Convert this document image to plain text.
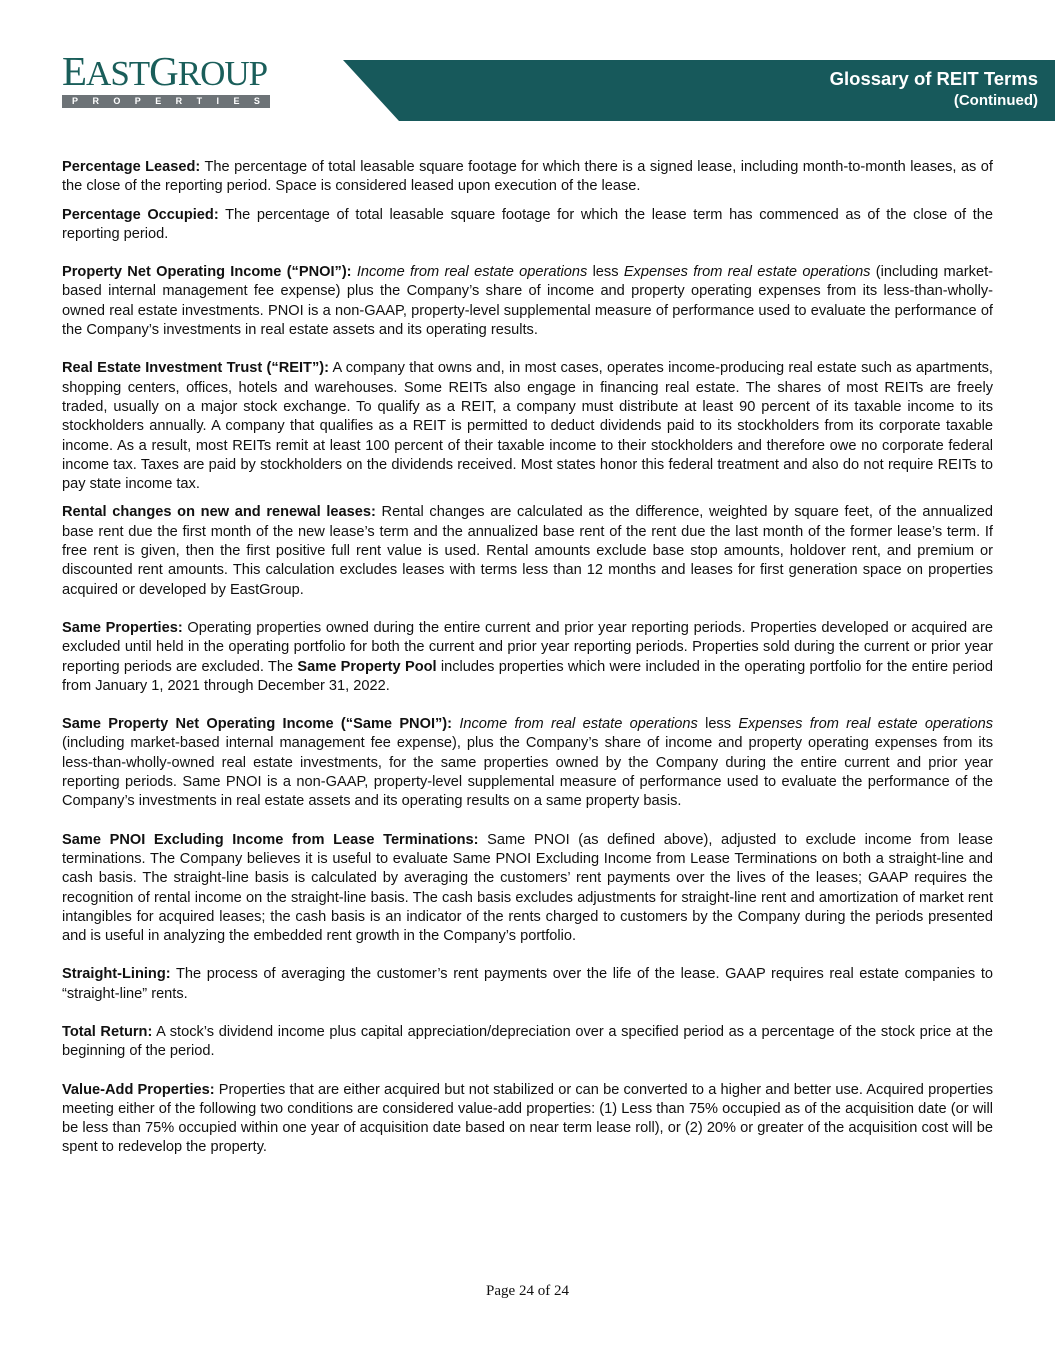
EASTGROUP
P R O P E R T I E S
Glossary of REIT Terms
(Continued)

Percentage Leased: The percentage of total leasable square footage for which there is a signed lease, including month-to-month leases, as of the close of the reporting period. Space is considered leased upon execution of the lease.

Percentage Occupied: The percentage of total leasable square footage for which the lease term has commenced as of the close of the reporting period.

Property Net Operating Income (“PNOI”): Income from real estate operations less Expenses from real estate operations (including market-based internal management fee expense) plus the Company’s share of income and property operating expenses from its less-than-wholly-owned real estate investments. PNOI is a non-GAAP, property-level supplemental measure of performance used to evaluate the performance of the Company’s investments in real estate assets and its operating results.

Real Estate Investment Trust (“REIT”): A company that owns and, in most cases, operates income-producing real estate such as apartments, shopping centers, offices, hotels and warehouses. Some REITs also engage in financing real estate. The shares of most REITs are freely traded, usually on a major stock exchange. To qualify as a REIT, a company must distribute at least 90 percent of its taxable income to its stockholders annually. A company that qualifies as a REIT is permitted to deduct dividends paid to its stockholders from its corporate taxable income. As a result, most REITs remit at least 100 percent of their taxable income to their stockholders and therefore owe no corporate federal income tax. Taxes are paid by stockholders on the dividends received. Most states honor this federal treatment and also do not require REITs to pay state income tax.

Rental changes on new and renewal leases: Rental changes are calculated as the difference, weighted by square feet, of the annualized base rent due the first month of the new lease’s term and the annualized base rent of the rent due the last month of the former lease’s term. If free rent is given, then the first positive full rent value is used. Rental amounts exclude base stop amounts, holdover rent, and premium or discounted rent amounts. This calculation excludes leases with terms less than 12 months and leases for first generation space on properties acquired or developed by EastGroup.

Same Properties: Operating properties owned during the entire current and prior year reporting periods. Properties developed or acquired are excluded until held in the operating portfolio for both the current and prior year reporting periods. Properties sold during the current or prior year reporting periods are excluded. The Same Property Pool includes properties which were included in the operating portfolio for the entire period from January 1, 2021 through December 31, 2022.

Same Property Net Operating Income (“Same PNOI”): Income from real estate operations less Expenses from real estate operations (including market-based internal management fee expense), plus the Company’s share of income and property operating expenses from its less-than-wholly-owned real estate investments, for the same properties owned by the Company during the entire current and prior year reporting periods. Same PNOI is a non-GAAP, property-level supplemental measure of performance used to evaluate the performance of the Company’s investments in real estate assets and its operating results on a same property basis.

Same PNOI Excluding Income from Lease Terminations: Same PNOI (as defined above), adjusted to exclude income from lease terminations. The Company believes it is useful to evaluate Same PNOI Excluding Income from Lease Terminations on both a straight-line and cash basis. The straight-line basis is calculated by averaging the customers’ rent payments over the lives of the leases; GAAP requires the recognition of rental income on the straight-line basis. The cash basis excludes adjustments for straight-line rent and amortization of market rent intangibles for acquired leases; the cash basis is an indicator of the rents charged to customers by the Company during the periods presented and is useful in analyzing the embedded rent growth in the Company’s portfolio.

Straight-Lining: The process of averaging the customer’s rent payments over the life of the lease. GAAP requires real estate companies to “straight-line” rents.

Total Return: A stock’s dividend income plus capital appreciation/depreciation over a specified period as a percentage of the stock price at the beginning of the period.

Value-Add Properties: Properties that are either acquired but not stabilized or can be converted to a higher and better use. Acquired properties meeting either of the following two conditions are considered value-add properties: (1) Less than 75% occupied as of the acquisition date (or will be less than 75% occupied within one year of acquisition date based on near term lease roll), or (2) 20% or greater of the acquisition cost will be spent to redevelop the property.

Page 24 of 24
